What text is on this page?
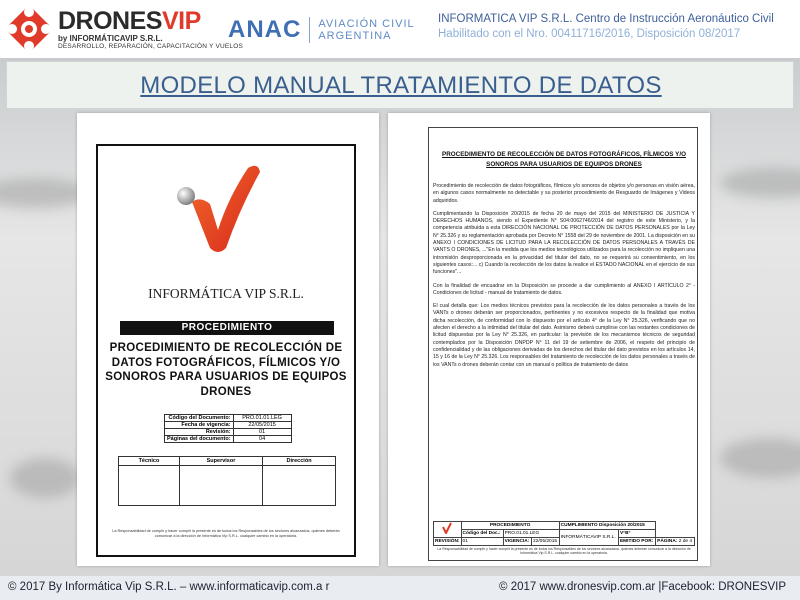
DRONESVIP
by INFORMÁTICAVIP S.R.L.
DESARROLLO, REPARACIÓN, CAPACITACIÓN Y VUELOS
ANAC AVIACIÓN CIVIL
ARGENTINA
INFORMATICA VIP S.R.L. Centro de Instrucción Aeronáutico Civil
Habilitado con el Nro. 00411716/2016, Disposición 08/2017
MODELO MANUAL TRATAMIENTO DE DATOS
INFORMÁTICA VIP S.R.L.
PROCEDIMIENTO
PROCEDIMIENTO DE RECOLECCIÓN DE DATOS FOTOGRÁFICOS, FÍLMICOS Y/O SONOROS PARA USUARIOS DE EQUIPOS DRONES
Código del Documento:	PRO.01.01.LEG
Fecha de vigencia:	22/05/2015
Revisión:	01
Páginas del documento:	04
Técnico	Supervisor	Dirección

La Responsabilidad de cumplir y hacer cumplir la presente es de todos los Responsables de los sectores alcanzados, quienes deberán comunicar a la dirección de Informática Vip S.R.L. cualquier cambio en la operatoria.
PROCEDIMIENTO DE RECOLECCIÓN DE DATOS FOTOGRÁFICOS, FÍLMICOS Y/O SONOROS PARA USUARIOS DE EQUIPOS DRONES

Procedimiento de recolección de datos fotográficos, fílmicos y/o sonoros de objetos y/o personas en visión aérea, en algunos casos normalmente no detectable y su posterior procedimiento de Resguardo de Imágenes y Videos adquiridos.

Cumplimentando la Disposición 20/2015 de fecha 20 de mayo del 2015 del MINISTERIO DE JUSTICIA Y DERECHOS HUMANOS, siendo el Expediente N° S04:0062746/2014 del registro de este Ministerio, y la competencia atribuida a esta DIRECCIÓN NACIONAL DE PROTECCIÓN DE DATOS PERSONALES por la Ley N° 25.326 y su reglamentación aprobada por Decreto N° 1558 del 29 de noviembre de 2001. La disposición en su ANEXO I CONDICIONES DE LICITUD PARA LA RECOLECCIÓN DE DATOS PERSONALES A TRAVÉS DE VANTS O DRONES, ..."En la medida que los medios tecnológicos utilizados para la recolección no impliquen una intromisión desproporcionada en la privacidad del titular del dato, no se requerirá su consentimiento, en los siguientes casos:... c) Cuando la recolección de los datos la realice el ESTADO NACIONAL en el ejercicio de sus funciones"...

Con la finalidad de encuadrar en la Disposición se procede a dar cumplimiento al ANEXO I ARTÍCULO 2° - Condiciones de licitud - manual de tratamiento de datos.

El cual detalla que: Los medios técnicos previstos para la recolección de los datos personales a través de los VANTs o drones deberán ser proporcionados, pertinentes y no excesivos respecto de la finalidad que motiva dicha recolección, de conformidad con lo dispuesto por el artículo 4° de la Ley N° 25.326, verificando que no afecten el derecho a la intimidad del titular del dato. Asimismo deberá cumplirse con las restantes condiciones de licitud dispuestas por la Ley N° 25.326, en particular: la previsión de los mecanismos técnicos de seguridad contemplados por la Disposición DNPDP N° 11 del 19 de setiembre de 2006, el respeto del principio de confidencialidad y de las obligaciones derivadas de los derechos del titular del dato previstos en los artículos 14, 15 y 16 de la Ley N° 25.326. Los responsables del tratamiento de recolección de los datos personales a través de los VANTs o drones deberán contar con un manual o política de tratamiento de datos

	PROCEDIMIENTO			CUMPLIMIENTO Disposición 20/2015		
	Código del Doc.:	PRO.01.01.LEG		INFORMÁTICAVIP S.R.L.	V°B°	
REVISIÓN:	01	VIGENCIA:	22/05/2015		EMITIDO POR:	PÁGINA: 2 de 4
La Responsabilidad de cumplir y hacer cumplir la presente es de todos los Responsables de los sectores alcanzados, quienes deberán comunicar a la dirección de Informática Vip S.R.L. cualquier cambio en la operatoria.
© 2017 By Informática Vip S.R.L. – www.informaticavip.com.a r	© 2017 www.dronesvip.com.ar |Facebook: DRONESVIP
